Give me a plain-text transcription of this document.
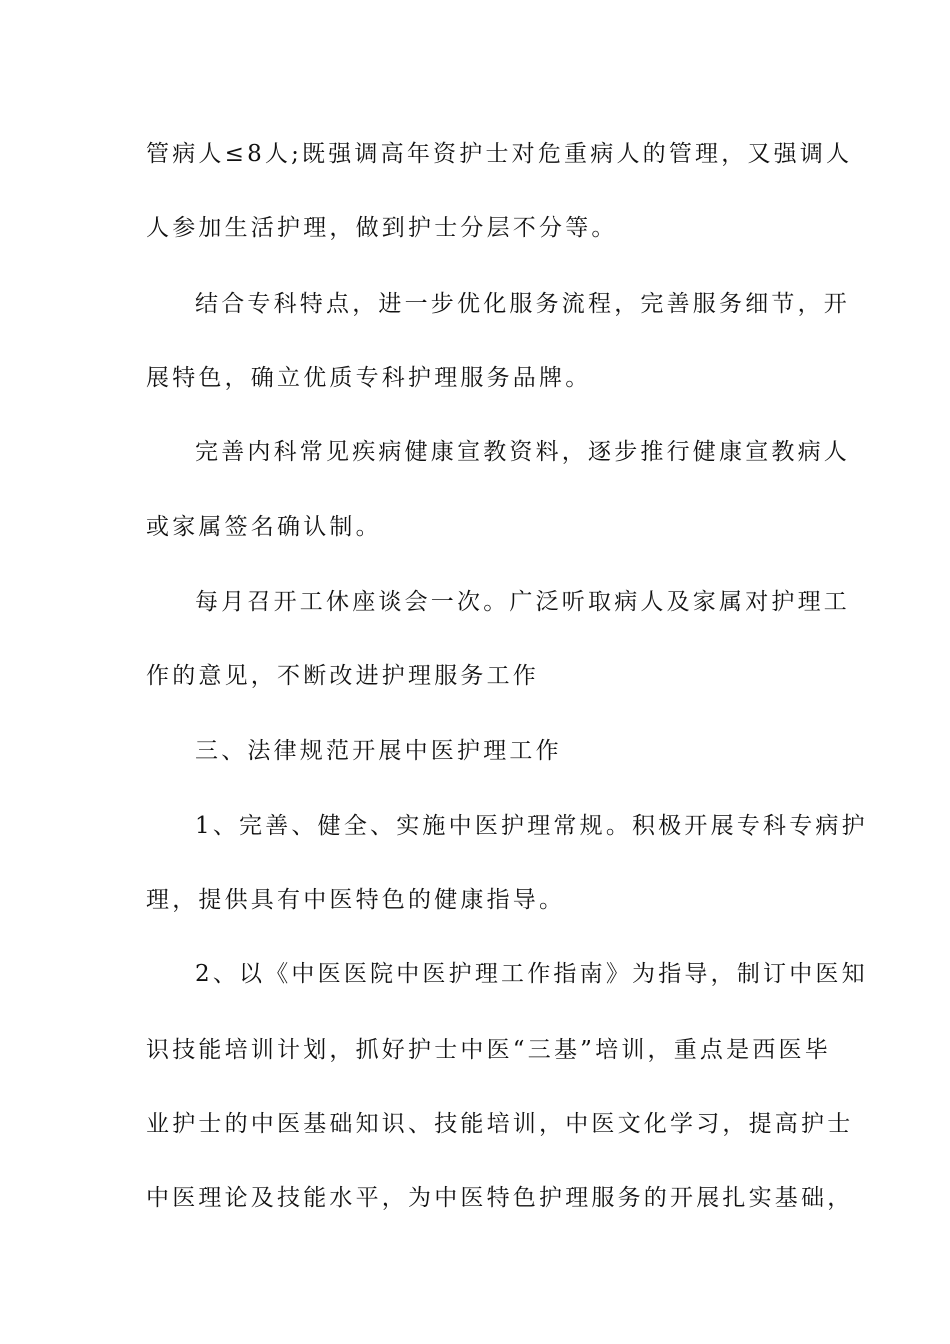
管病人≤8人;既强调高年资护士对危重病人的管理，又强调人
人参加生活护理，做到护士分层不分等。
结合专科特点，进一步优化服务流程，完善服务细节，开
展特色，确立优质专科护理服务品牌。
完善内科常见疾病健康宣教资料，逐步推行健康宣教病人
或家属签名确认制。
每月召开工休座谈会一次。广泛听取病人及家属对护理工
作的意见，不断改进护理服务工作
三、法律规范开展中医护理工作
1、完善、健全、实施中医护理常规。积极开展专科专病护
理，提供具有中医特色的健康指导。
2、以《中医医院中医护理工作指南》为指导，制订中医知
识技能培训计划，抓好护士中医“三基”培训，重点是西医毕
业护士的中医基础知识、技能培训，中医文化学习，提高护士
中医理论及技能水平，为中医特色护理服务的开展扎实基础，
